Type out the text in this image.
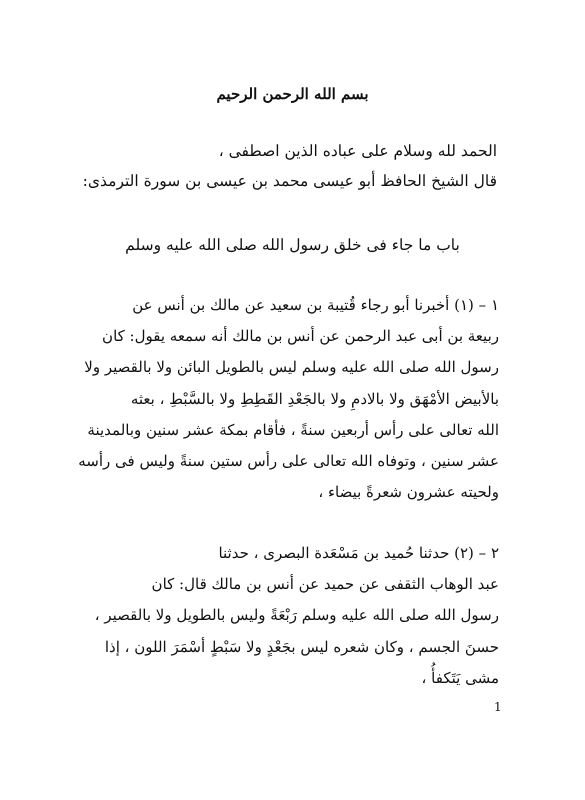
بسم الله الرحمن الرحيم
الحمد لله وسلام على عباده الذين اصطفى ،
قال الشيخ الحافظ أبو عيسى محمد بن عيسى بن سورة الترمذى:
باب ما جاء فى خلق رسول الله صلى الله عليه وسلم
١ – (١) أخبرنا أبو رجاء قُتيبة بن سعيد عن مالك بن أنس عن
ربيعة بن أبى عبد الرحمن عن أنس بن مالك أنه سمعه يقول: كان
رسول الله صلى الله عليه وسلم ليس بالطويل البائن ولا بالقصير ولا
بالأبيض الأمْهَق ولا بالادمِ ولا بالجَعْدِ القَطِطِ ولا بالسَّبْطِ ، بعثه
الله تعالى على رأس أربعين سنةً ، فأقام بمكة عشر سنين وبالمدينة
عشر سنين ، وتوفاه الله تعالى على رأس ستين سنةً وليس فى رأسه
ولحيته عشرون شعرةً بيضاء ،
٢ – (٢) حدثنا حُميد بن مَسْعَدة البصرى ، حدثنا
عبد الوهاب الثقفى عن حميد عن أنس بن مالك قال: كان
رسول الله صلى الله عليه وسلم رَبْعَةً وليس بالطويل ولا بالقصير ،
حسنَ الجسم ، وكان شعره ليس بجَعْدٍ ولا سَبْطٍ أسْمَرَ اللون ، إذا
مشى يَتَكفأُ ،
1
